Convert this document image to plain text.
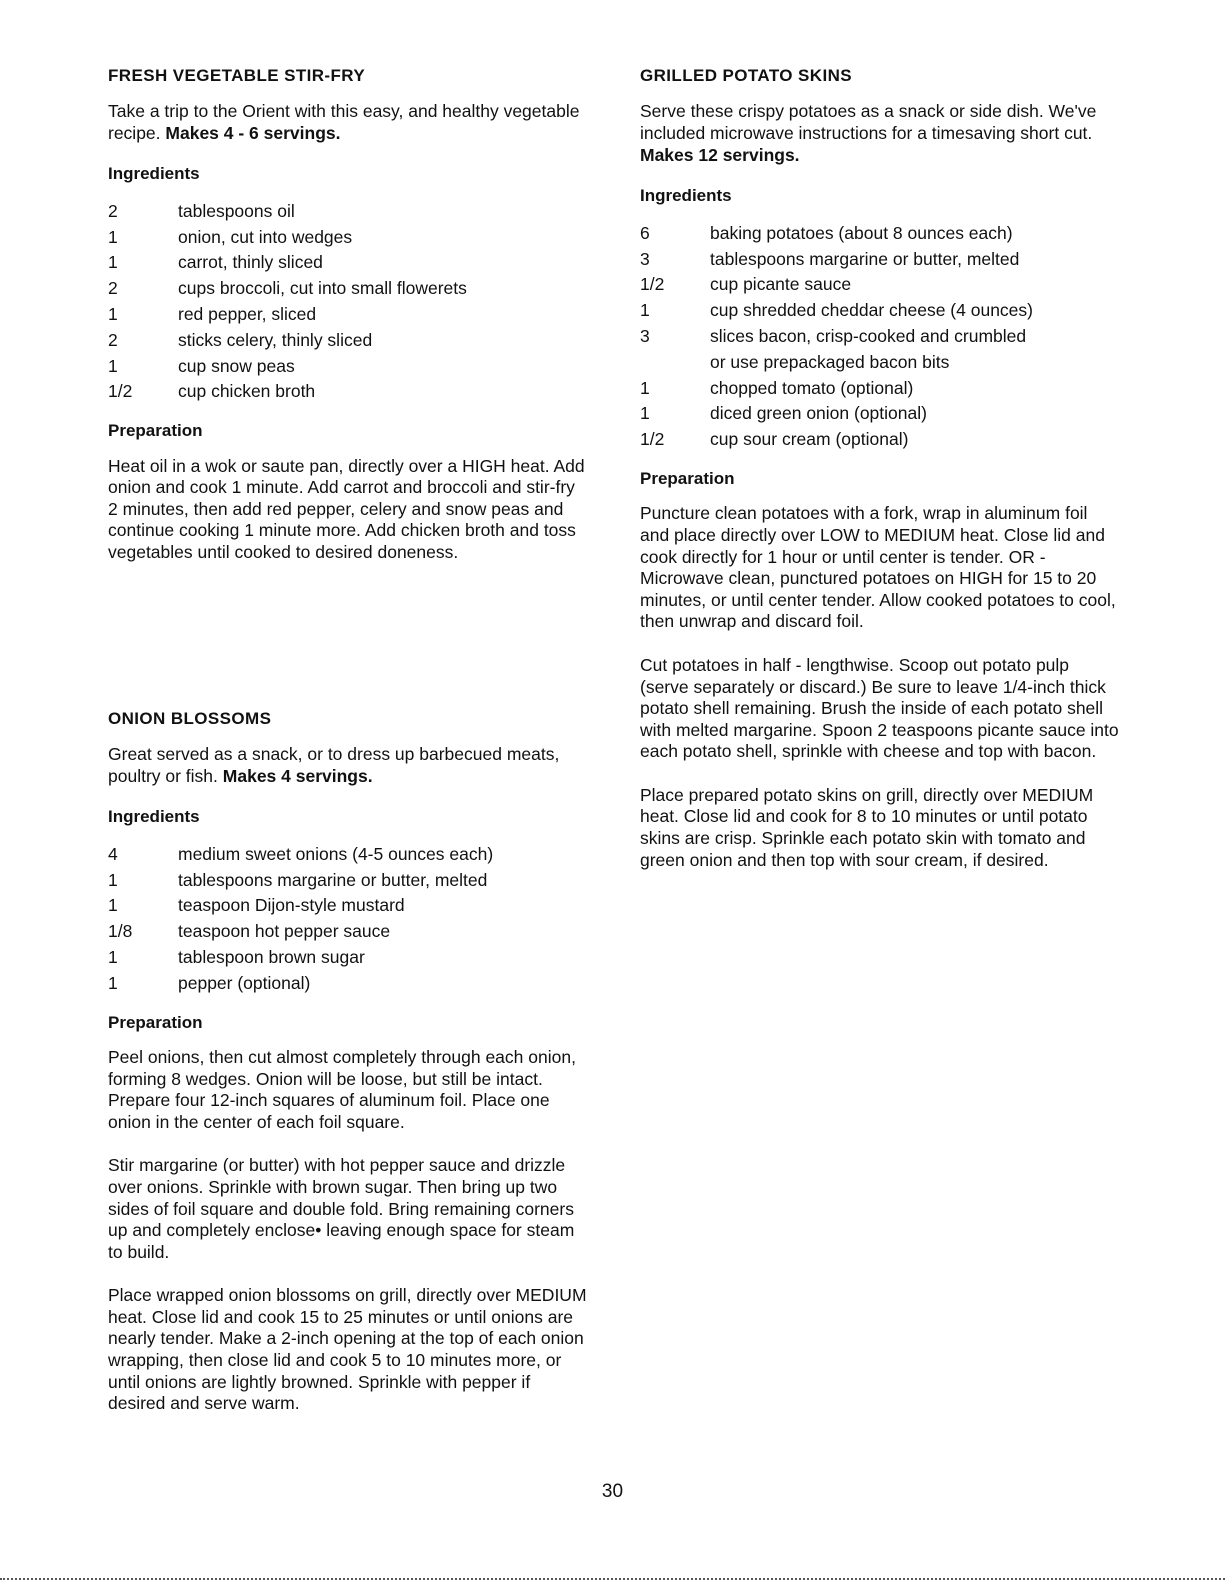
FRESH VEGETABLE STIR-FRY

Take a trip to the Orient with this easy, and healthy vegetable recipe. Makes 4 - 6 servings.

Ingredients
2	tablespoons oil
1	onion, cut into wedges
1	carrot, thinly sliced
2	cups broccoli, cut into small flowerets
1	red pepper, sliced
2	sticks celery, thinly sliced
1	cup snow peas
1/2	cup chicken broth
Preparation

Heat oil in a wok or saute pan, directly over a HIGH heat. Add onion and cook 1 minute. Add carrot and broccoli and stir-fry 2 minutes, then add red pepper, celery and snow peas and continue cooking 1 minute more. Add chicken broth and toss vegetables until cooked to desired doneness.

ONION BLOSSOMS

Great served as a snack, or to dress up barbecued meats, poultry or fish. Makes 4 servings.

Ingredients
4	medium sweet onions (4-5 ounces each)
1	tablespoons margarine or butter, melted
1	teaspoon Dijon-style mustard
1/8	teaspoon hot pepper sauce
1	tablespoon brown sugar
1	pepper (optional)
Preparation

Peel onions, then cut almost completely through each onion, forming 8 wedges. Onion will be loose, but still be intact. Prepare four 12-inch squares of aluminum foil. Place one onion in the center of each foil square.

Stir margarine (or butter) with hot pepper sauce and drizzle over onions. Sprinkle with brown sugar. Then bring up two sides of foil square and double fold. Bring remaining corners up and completely enclose• leaving enough space for steam to build.

Place wrapped onion blossoms on grill, directly over MEDIUM heat. Close lid and cook 15 to 25 minutes or until onions are nearly tender. Make a 2-inch opening at the top of each onion wrapping, then close lid and cook 5 to 10 minutes more, or until onions are lightly browned. Sprinkle with pepper if desired and serve warm.

GRILLED POTATO SKINS

Serve these crispy potatoes as a snack or side dish. We've included microwave instructions for a timesaving short cut. Makes 12 servings.

Ingredients
6	baking potatoes (about 8 ounces each)
3	tablespoons margarine or butter, melted
1/2	cup picante sauce
1	cup shredded cheddar cheese (4 ounces)
3	slices bacon, crisp-cooked and crumbled
or use prepackaged bacon bits
1	chopped tomato (optional)
1	diced green onion (optional)
1/2	cup sour cream (optional)
Preparation

Puncture clean potatoes with a fork, wrap in aluminum foil and place directly over LOW to MEDIUM heat. Close lid and cook directly for 1 hour or until center is tender. OR - Microwave clean, punctured potatoes on HIGH for 15 to 20 minutes, or until center tender. Allow cooked potatoes to cool, then unwrap and discard foil.

Cut potatoes in half - lengthwise. Scoop out potato pulp (serve separately or discard.) Be sure to leave 1/4-inch thick potato shell remaining. Brush the inside of each potato shell with melted margarine. Spoon 2 teaspoons picante sauce into each potato shell, sprinkle with cheese and top with bacon.

Place prepared potato skins on grill, directly over MEDIUM heat. Close lid and cook for 8 to 10 minutes or until potato skins are crisp. Sprinkle each potato skin with tomato and green onion and then top with sour cream, if desired.

30
